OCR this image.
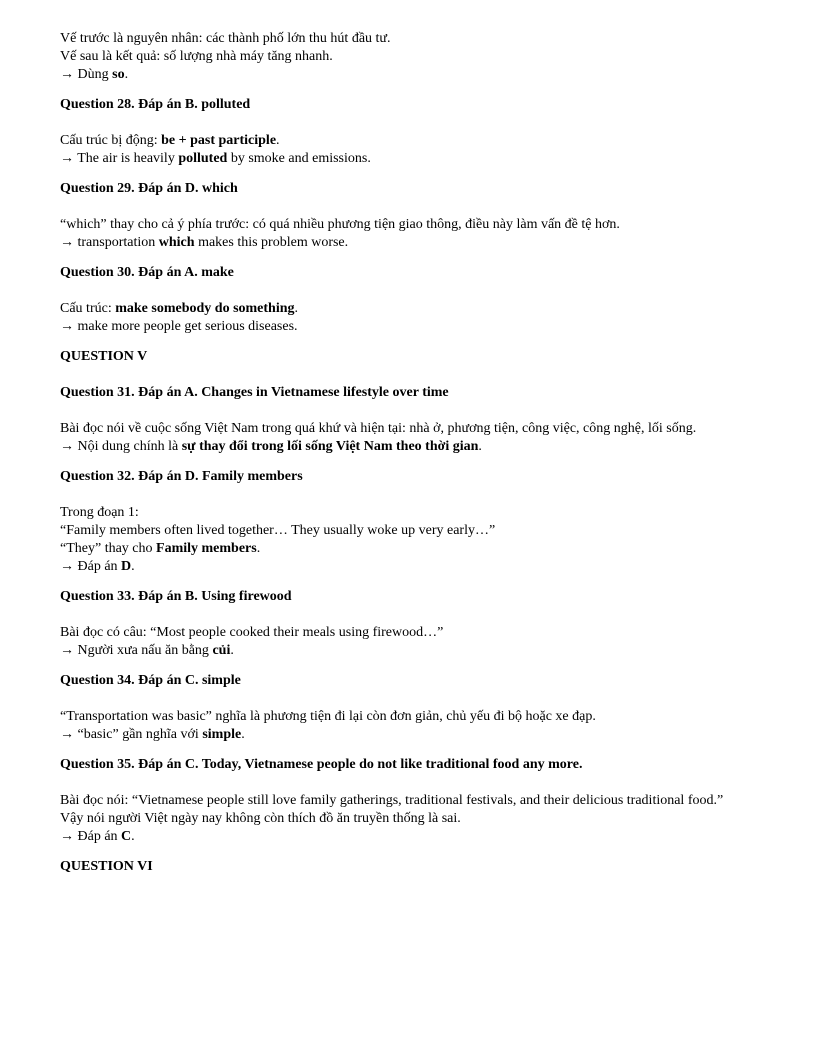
Vế trước là nguyên nhân: các thành phố lớn thu hút đầu tư.

Vế sau là kết quả: số lượng nhà máy tăng nhanh.

→ Dùng so.

Question 28. Đáp án B. polluted

Cấu trúc bị động: be + past participle.

→ The air is heavily polluted by smoke and emissions.

Question 29. Đáp án D. which

“which” thay cho cả ý phía trước: có quá nhiều phương tiện giao thông, điều này làm vấn đề tệ hơn.

→ transportation which makes this problem worse.

Question 30. Đáp án A. make

Cấu trúc: make somebody do something.

→ make more people get serious diseases.

QUESTION V

Question 31. Đáp án A. Changes in Vietnamese lifestyle over time

Bài đọc nói về cuộc sống Việt Nam trong quá khứ và hiện tại: nhà ở, phương tiện, công việc, công nghệ, lối sống.

→ Nội dung chính là sự thay đổi trong lối sống Việt Nam theo thời gian.

Question 32. Đáp án D. Family members

Trong đoạn 1:

“Family members often lived together… They usually woke up very early…”

“They” thay cho Family members.

→ Đáp án D.

Question 33. Đáp án B. Using firewood

Bài đọc có câu: “Most people cooked their meals using firewood…”

→ Người xưa nấu ăn bằng củi.

Question 34. Đáp án C. simple

“Transportation was basic” nghĩa là phương tiện đi lại còn đơn giản, chủ yếu đi bộ hoặc xe đạp.

→ “basic” gần nghĩa với simple.

Question 35. Đáp án C. Today, Vietnamese people do not like traditional food any more.

Bài đọc nói: “Vietnamese people still love family gatherings, traditional festivals, and their delicious traditional food.”

Vậy nói người Việt ngày nay không còn thích đồ ăn truyền thống là sai.

→ Đáp án C.

QUESTION VI
